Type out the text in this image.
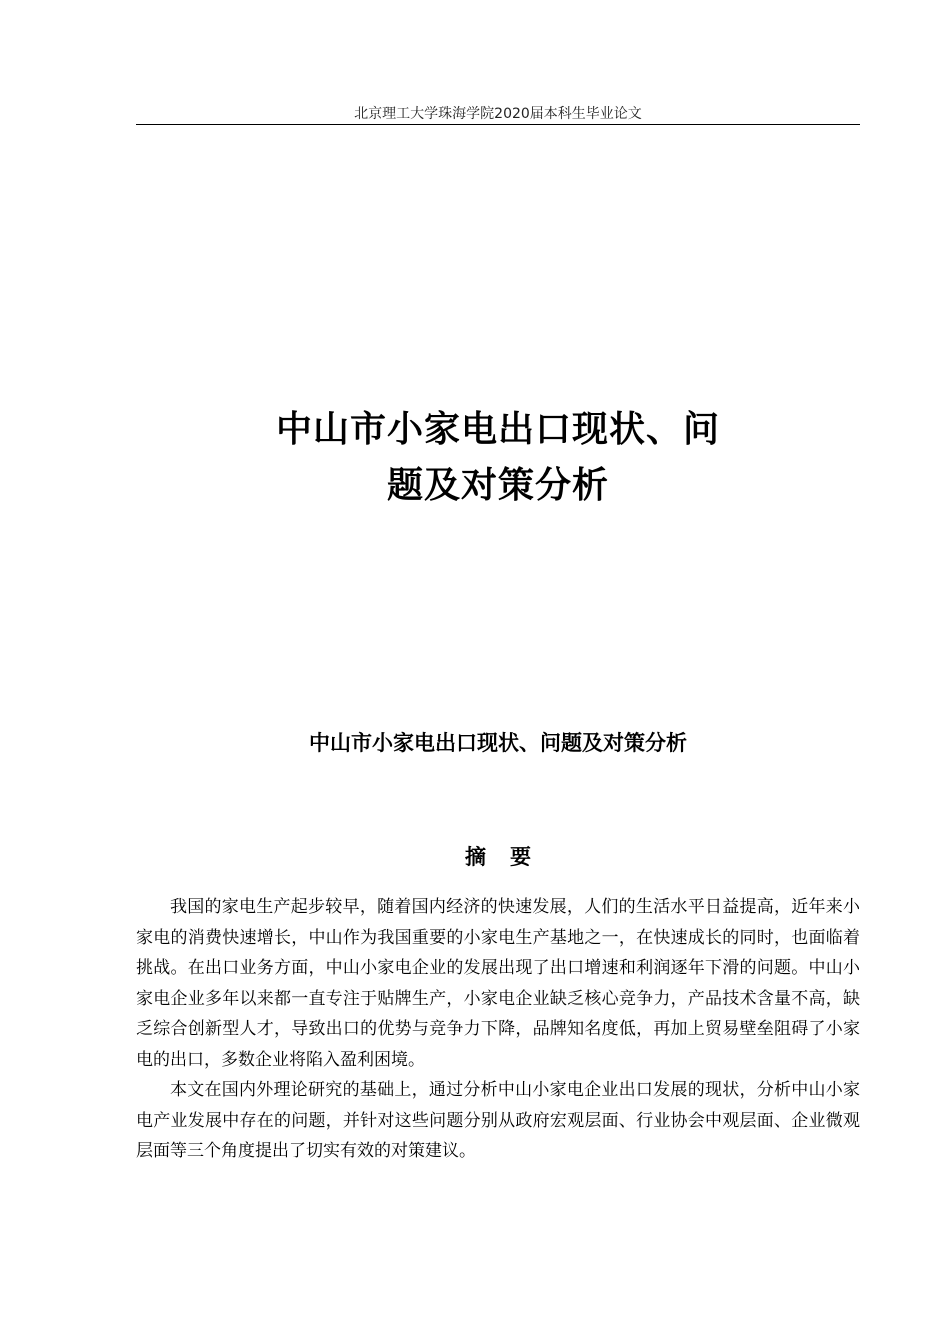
北京理工大学珠海学院2020届本科生毕业论文
中山市小家电出口现状、问
题及对策分析
中山市小家电出口现状、问题及对策分析
摘要

我国的家电生产起步较早，随着国内经济的快速发展，人们的生活水平日益提高，近年来小家电的消费快速增长，中山作为我国重要的小家电生产基地之一，在快速成长的同时，也面临着挑战。在出口业务方面，中山小家电企业的发展出现了出口增速和利润逐年下滑的问题。中山小家电企业多年以来都一直专注于贴牌生产，小家电企业缺乏核心竞争力，产品技术含量不高，缺乏综合创新型人才，导致出口的优势与竞争力下降，品牌知名度低，再加上贸易壁垒阻碍了小家电的出口，多数企业将陷入盈利困境。

本文在国内外理论研究的基础上，通过分析中山小家电企业出口发展的现状，分析中山小家电产业发展中存在的问题，并针对这些问题分别从政府宏观层面、行业协会中观层面、企业微观层面等三个角度提出了切实有效的对策建议。
